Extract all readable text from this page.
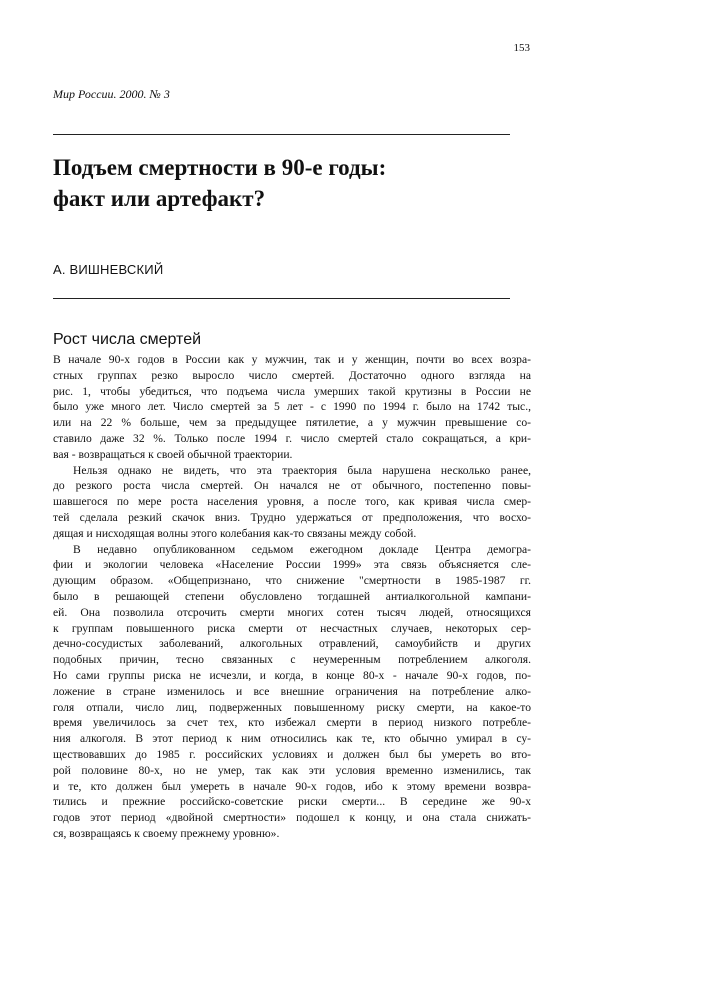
153
Мир России. 2000. № 3
Подъем смертности в 90-е годы:
факт или артефакт?
А. ВИШНЕВСКИЙ
Рост числа смертей

В начале 90-х годов в России как у мужчин, так и у женщин, почти во всех возра-
стных группах резко выросло число смертей. Достаточно одного взгляда на
рис. 1, чтобы убедиться, что подъема числа умерших такой крутизны в России не
было уже много лет. Число смертей за 5 лет - с 1990 по 1994 г. было на 1742 тыс.,
или на 22 % больше, чем за предыдущее пятилетие, а у мужчин превышение со-
ставило даже 32 %. Только после 1994 г. число смертей стало сокращаться, а кри-
вая - возвращаться к своей обычной траектории.

Нельзя однако не видеть, что эта траектория была нарушена несколько ранее,
до резкого роста числа смертей. Он начался не от обычного, постепенно повы-
шавшегося по мере роста населения уровня, а после того, как кривая числа смер-
тей сделала резкий скачок вниз. Трудно удержаться от предположения, что восхо-
дящая и нисходящая волны этого колебания как-то связаны между собой.

В недавно опубликованном седьмом ежегодном докладе Центра демогра-
фии и экологии человека «Население России 1999» эта связь объясняется сле-
дующим образом. «Общепризнано, что снижение "смертности в 1985-1987 гг.
было в решающей степени обусловлено тогдашней антиалкогольной кампани-
ей. Она позволила отсрочить смерти многих сотен тысяч людей, относящихся
к группам повышенного риска смерти от несчастных случаев, некоторых сер-
дечно-сосудистых заболеваний, алкогольных отравлений, самоубийств и других
подобных причин, тесно связанных с неумеренным потреблением алкоголя.
Но сами группы риска не исчезли, и когда, в конце 80-х - начале 90-х годов, по-
ложение в стране изменилось и все внешние ограничения на потребление алко-
голя отпали, число лиц, подверженных повышенному риску смерти, на какое-то
время увеличилось за счет тех, кто избежал смерти в период низкого потребле-
ния алкоголя. В этот период к ним относились как те, кто обычно умирал в су-
ществовавших до 1985 г. российских условиях и должен был бы умереть во вто-
рой половине 80-х, но не умер, так как эти условия временно изменились, так
и те, кто должен был умереть в начале 90-х годов, ибо к этому времени возвра-
тились и прежние российско-советские риски смерти... В середине же 90-х
годов этот период «двойной смертности» подошел к концу, и она стала снижать-
ся, возвращаясь к своему прежнему уровню».
